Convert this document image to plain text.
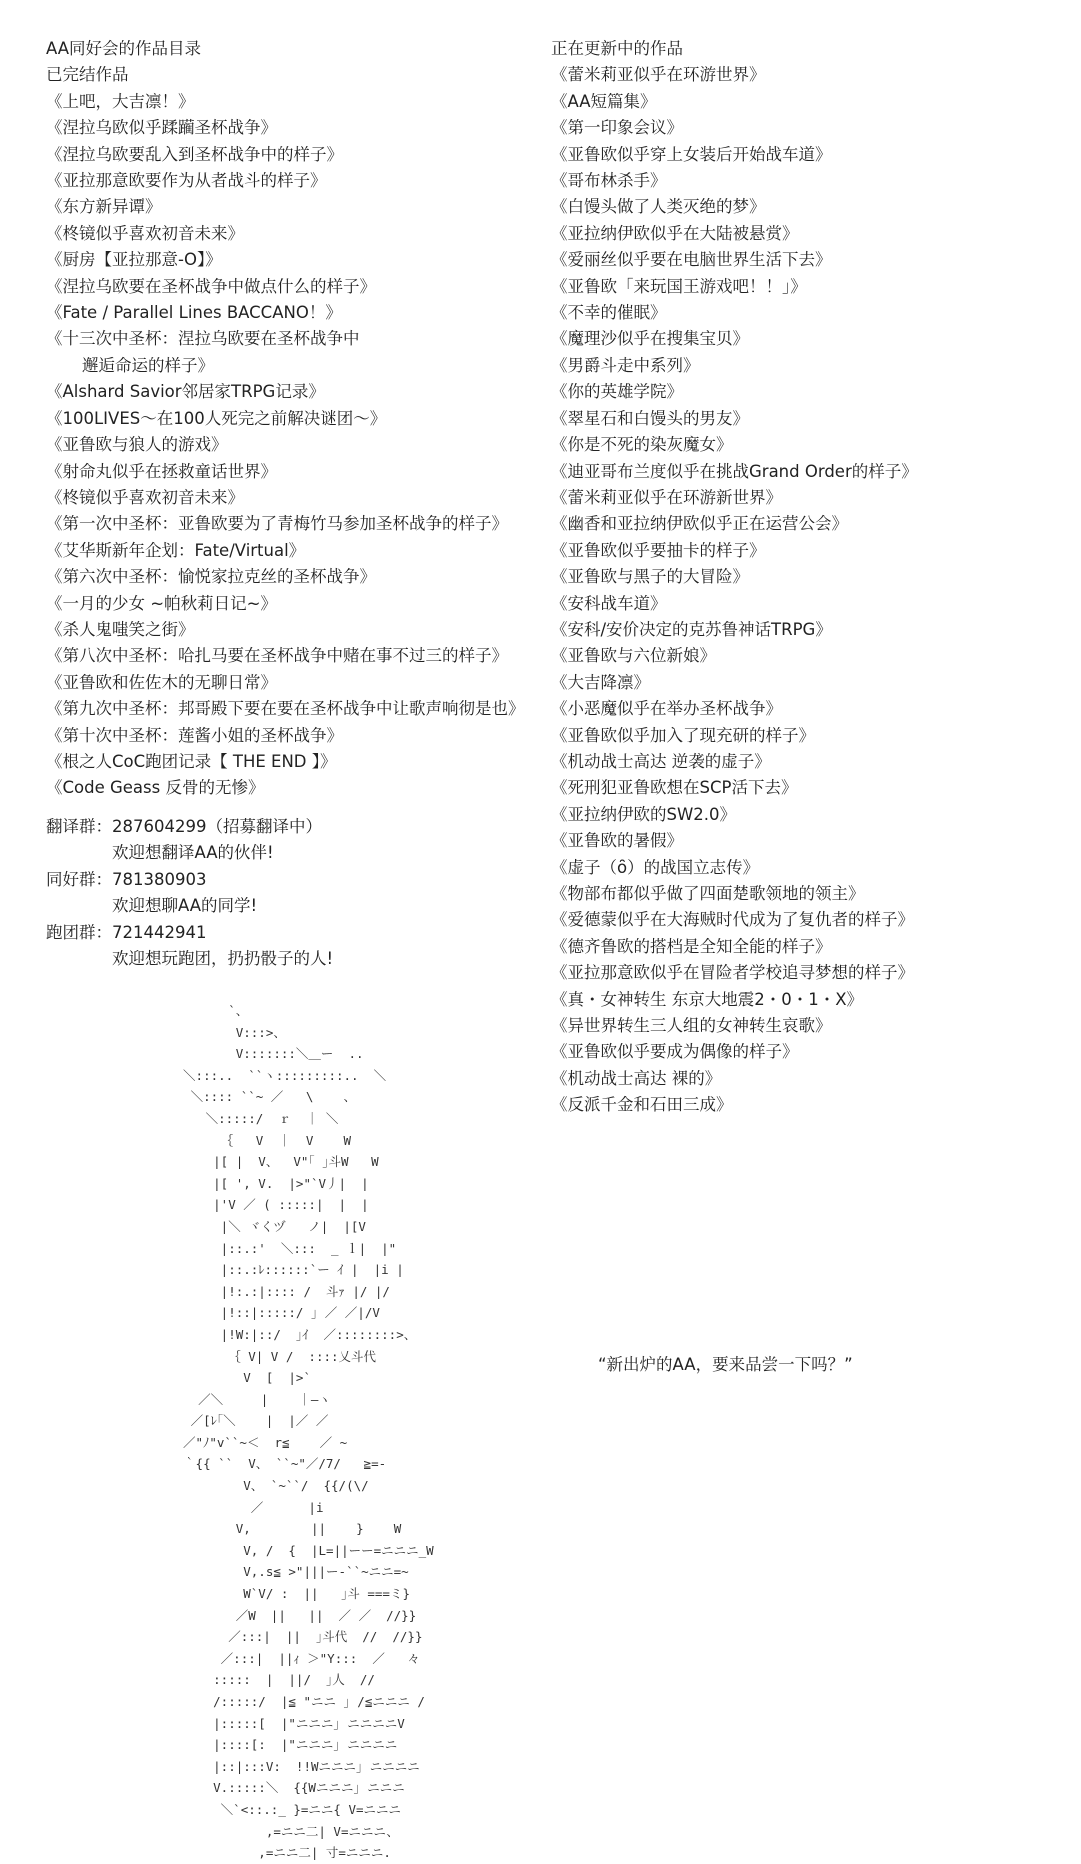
AA同好会的作品目录
已完结作品
《上吧，大吉凛！》
《涅拉乌欧似乎蹂躏圣杯战争》
《涅拉乌欧要乱入到圣杯战争中的样子》
《亚拉那意欧要作为从者战斗的样子》
《东方新异谭》
《柊镜似乎喜欢初音未来》
《厨房【亚拉那意-O】》
《涅拉乌欧要在圣杯战争中做点什么的样子》
《Fate / Parallel Lines BACCANO！》
《十三次中圣杯：涅拉乌欧要在圣杯战争中
邂逅命运的样子》
《Alshard Savior邻居家TRPG记录》
《100LIVES～在100人死完之前解决谜团～》
《亚鲁欧与狼人的游戏》
《射命丸似乎在拯救童话世界》
《柊镜似乎喜欢初音未来》
《第一次中圣杯：亚鲁欧要为了青梅竹马参加圣杯战争的样子》
《艾华斯新年企划：Fate/Virtual》
《第六次中圣杯：愉悦家拉克丝的圣杯战争》
《一月的少女 ~帕秋莉日记~》
《杀人鬼嗤笑之街》
《第八次中圣杯：哈扎马要在圣杯战争中赌在事不过三的样子》
《亚鲁欧和佐佐木的无聊日常》
《第九次中圣杯：邦哥殿下要在要在圣杯战争中让歌声响彻是也》
《第十次中圣杯：莲酱小姐的圣杯战争》
《根之人CoC跑团记录【 THE END 】》
《Code Geass 反骨的无惨》
正在更新中的作品
《蕾米莉亚似乎在环游世界》
《AA短篇集》
《第一印象会议》
《亚鲁欧似乎穿上女装后开始战车道》
《哥布林杀手》
《白馒头做了人类灭绝的梦》
《亚拉纳伊欧似乎在大陆被悬赏》
《爱丽丝似乎要在电脑世界生活下去》
《亚鲁欧「来玩国王游戏吧！！」》
《不幸的催眠》
《魔理沙似乎在搜集宝贝》
《男爵斗走中系列》
《你的英雄学院》
《翠星石和白馒头的男友》
《你是不死的染灰魔女》
《迪亚哥布兰度似乎在挑战Grand Order的样子》
《蕾米莉亚似乎在环游新世界》
《幽香和亚拉纳伊欧似乎正在运营公会》
《亚鲁欧似乎要抽卡的样子》
《亚鲁欧与黑子的大冒险》
《安科战车道》
《安科/安价决定的克苏鲁神话TRPG》
《亚鲁欧与六位新娘》
《大吉降凛》
《小恶魔似乎在举办圣杯战争》
《亚鲁欧似乎加入了现充研的样子》
《机动战士高达 逆袭的虚子》
《死刑犯亚鲁欧想在SCP活下去》
《亚拉纳伊欧的SW2.0》
《亚鲁欧的暑假》
《虚子（ȏ）的战国立志传》
《物部布都似乎做了四面楚歌领地的领主》
《爱德蒙似乎在大海贼时代成为了复仇者的样子》
《德齐鲁欧的搭档是全知全能的样子》
《亚拉那意欧似乎在冒险者学校追寻梦想的样子》
《真・女神转生 东京大地震2・0・1・X》
《异世界转生三人组的女神转生哀歌》
《亚鲁欧似乎要成为偶像的样子》
《机动战士高达 裸的》
《反派千金和石田三成》
翻译群：287604299（招募翻译中）
欢迎想翻译AA的伙伴!
同好群：781380903
欢迎想聊AA的同学!
跑团群：721442941
欢迎想玩跑团，扔扔骰子的人!
`、
V:::>、
V:::::::＼＿ー  ..
＼:::..  ``ヽ:::::::::..  ＼
＼:::: ``~ ／   \    、
＼:::::/  ｒ  ｜ ＼
｛   V  ｜  V    W
|[ |  V、  V"｢ ｣斗W   W
|[ ', V.  |>"`V丿|  |
|'V ／ ( :::::|  |  |
|＼ ヾくヅ   ノ|  |[V
|::.:'  ＼:::  _ ｌ|  |"
|::.:ﾚ::::::`ー ｲ |  |i |
|!:.:|:::: /  斗ｧ |/ |/
|!::|:::::/ ｣ ／ ／|/V
|!W:|::/  ｣ｲ  ／::::::::>、
｛ V| V /  ::::乂斗代
V  [  |>`
／＼     |    ｜―ヽ
／[ﾚ｢＼    |  |／ ／
／"ﾉ"v``~＜  r≦    ／ ~
｀{{ ``  V、 ``~"／/7/   ≧=-
V、 `~``/  {{/(\/
／      |i
V,        ||    }    W
V, /  {  |L=||ーー=ニニニ_W
V,.s≦ >"|||ー-``~ニニ=~
W`V/ :  ||   ｣斗 ===ミ}
／W  ||   ||  ／ ／  //}}
／:::|  ||  ｣斗代  //  //}}
／:::|  ||ｨ ＞"Y:::  ／   々
:::::  |  ||/  ｣人  //
/:::::/  |≦ "ニニ ｣ /≦ニニニ /
|:::::[  |"ニニニ｣ ニニニニV
|::::[:  |"ニニニ｣ ニニニニ
|::|:::V:  !!Wニニニ｣ ニニニニ
V.:::::＼  {{Wニニニ｣ ニニニ
＼`<::.:_ }=ニニ{ V=ニニニ
,=ニニ二| V=ニニニ、
,=ニニ二| 寸=ニニニ.
“新出炉的AA，要来品尝一下吗？”
